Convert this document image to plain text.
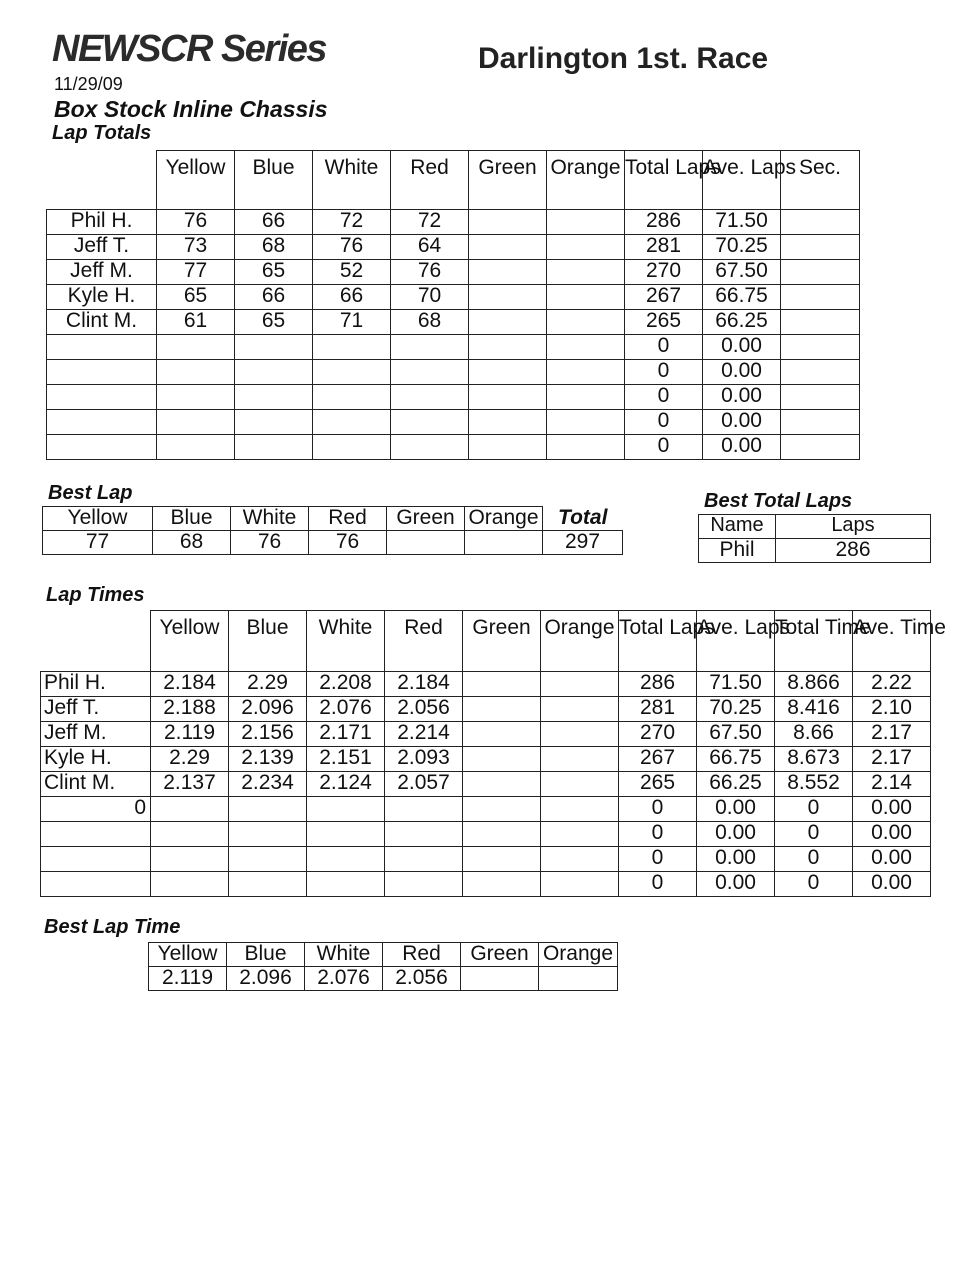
NEWSCR Series	Darlington 1st. Race
11/29/09
Box Stock Inline Chassis
Lap Totals
	Yellow	Blue	White	Red	Green	Orange	Total Laps	Ave. Laps	Sec.
Phil H.	76	66	72	72			286	71.50	
Jeff T.	73	68	76	64			281	70.25	
Jeff M.	77	65	52	76			270	67.50	
Kyle H.	65	66	66	70			267	66.75	
Clint M.	61	65	71	68			265	66.25	
							0	0.00	
							0	0.00	
							0	0.00	
							0	0.00	
							0	0.00	
Best Lap
Yellow	Blue	White	Red	Green	Orange	Total
77	68	76	76			297
Best Total Laps
Name	Laps
Phil	286
Lap Times
	Yellow	Blue	White	Red	Green	Orange	Total Laps	Ave. Laps	Total Time	Ave. Time
Phil H.	2.184	2.29	2.208	2.184			286	71.50	8.866	2.22
Jeff T.	2.188	2.096	2.076	2.056			281	70.25	8.416	2.10
Jeff M.	2.119	2.156	2.171	2.214			270	67.50	8.66	2.17
Kyle H.	2.29	2.139	2.151	2.093			267	66.75	8.673	2.17
Clint M.	2.137	2.234	2.124	2.057			265	66.25	8.552	2.14
0							0	0.00	0	0.00
							0	0.00	0	0.00
							0	0.00	0	0.00
							0	0.00	0	0.00
Best Lap Time
Yellow	Blue	White	Red	Green	Orange
2.119	2.096	2.076	2.056		
